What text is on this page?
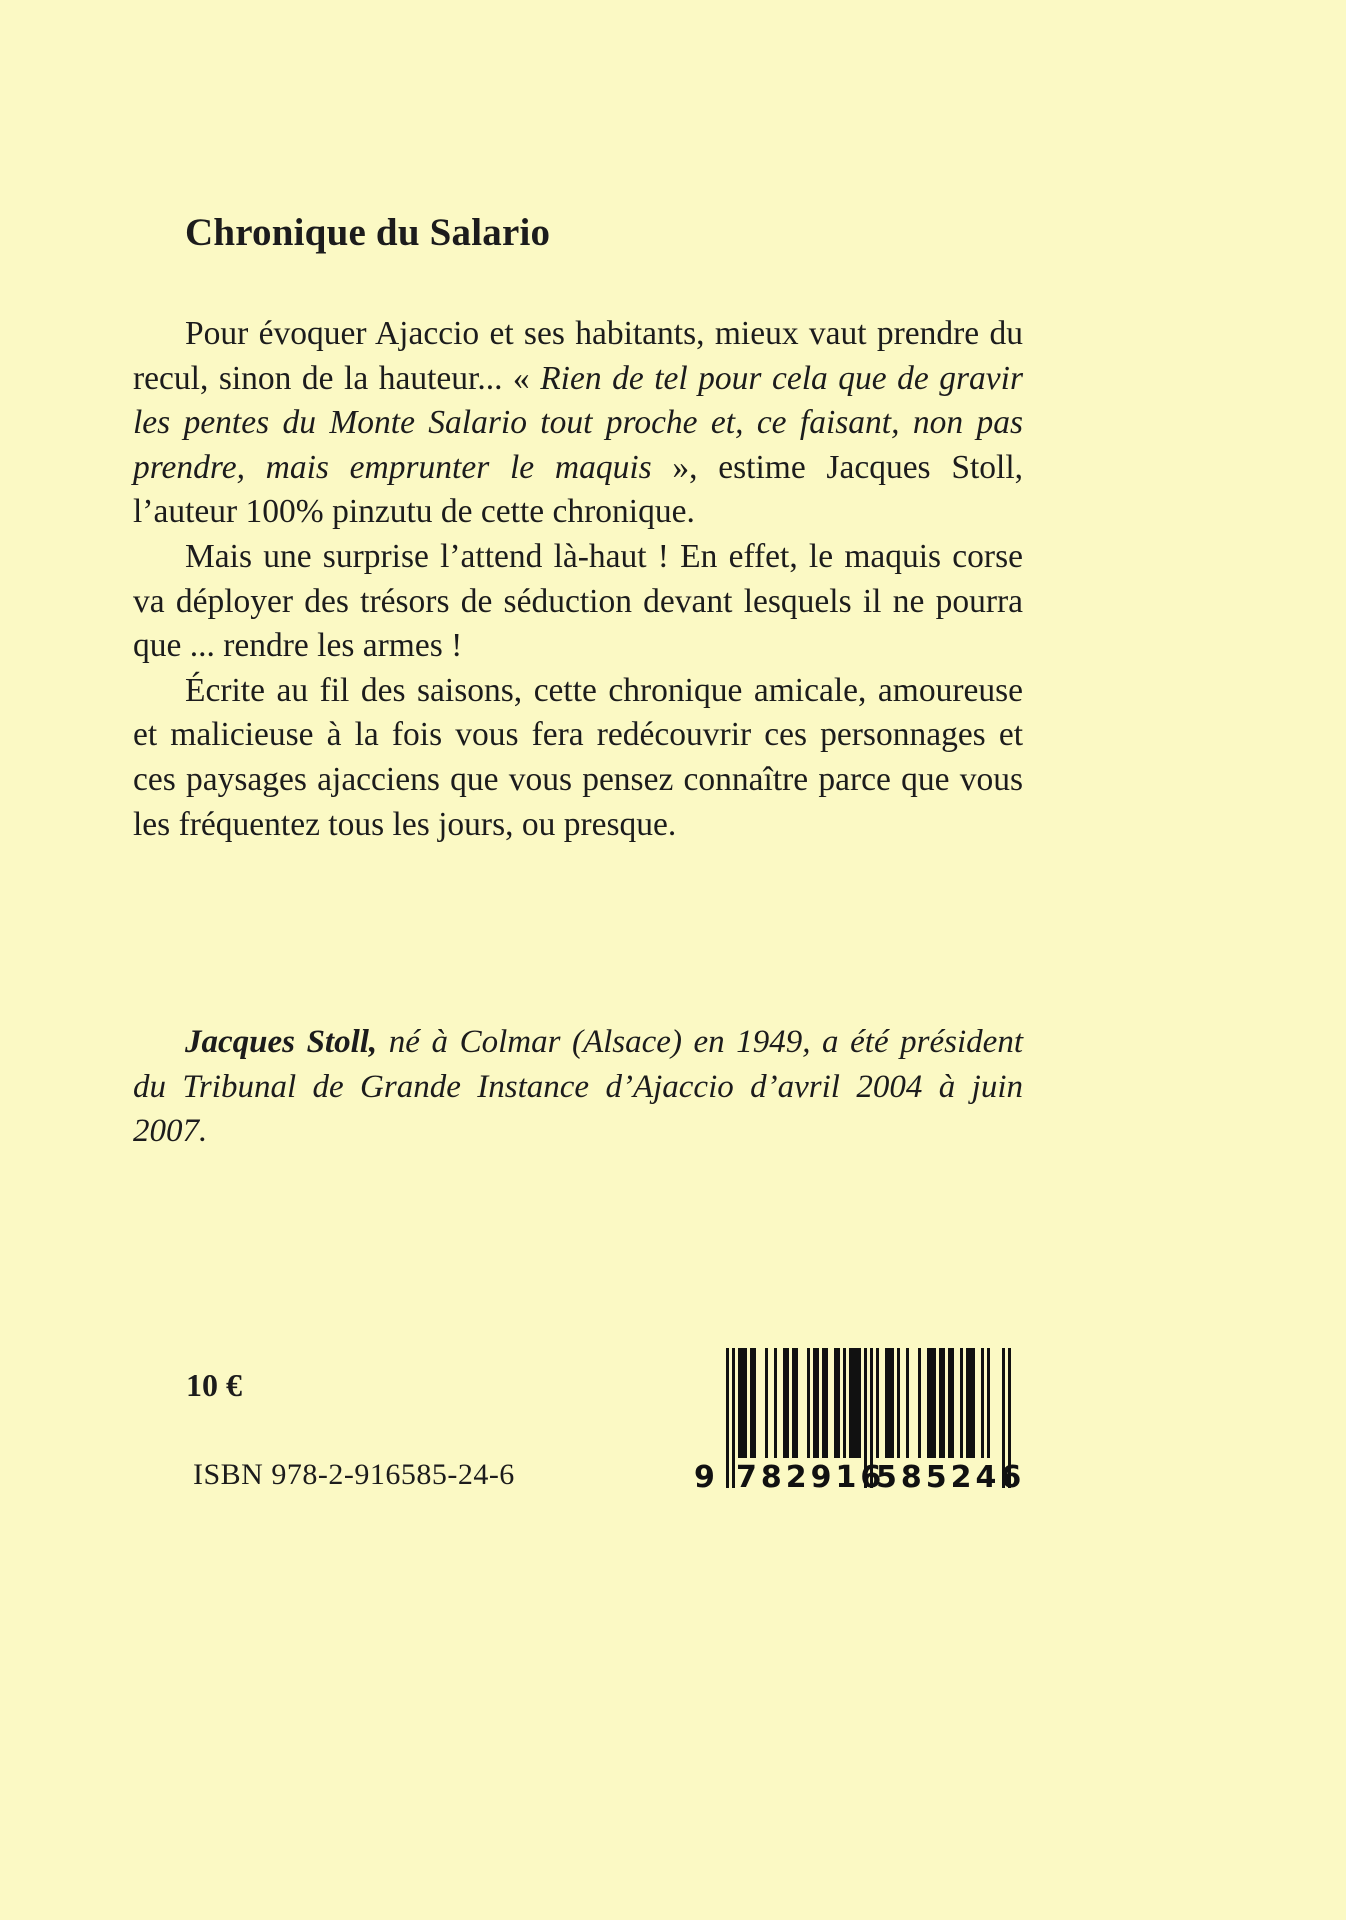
Chronique du Salario

Pour évoquer Ajaccio et ses habitants, mieux vaut prendre du recul, sinon de la hauteur... « Rien de tel pour cela que de gravir les pentes du Monte Salario tout proche et, ce faisant, non pas prendre, mais emprunter le maquis », estime Jacques Stoll, l’auteur 100% pinzutu de cette chronique.

Mais une surprise l’attend là-haut ! En effet, le maquis corse va déployer des trésors de séduction devant lesquels il ne pourra que ... rendre les armes !

Écrite au fil des saisons, cette chronique amicale, amoureuse et malicieuse à la fois vous fera redécouvrir ces personnages et ces paysages ajacciens que vous pensez connaître parce que vous les fréquentez tous les jours, ou presque.

Jacques Stoll, né à Colmar (Alsace) en 1949, a été président du Tribunal de Grande Instance d’Ajaccio d’avril 2004 à juin 2007.

10 €

ISBN 978-2-916585-24-6	9 782916
585246
